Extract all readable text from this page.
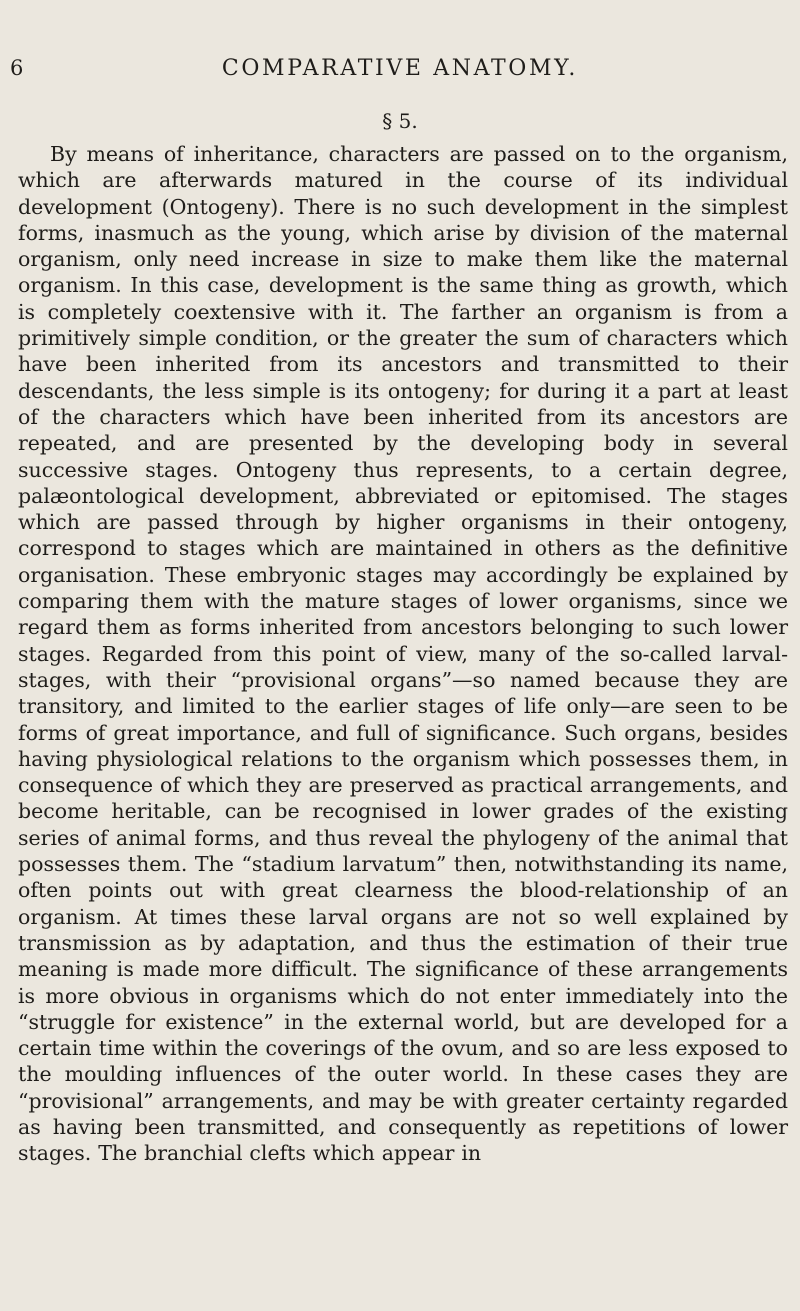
6	COMPARATIVE ANATOMY.
§ 5.

By means of inheritance, characters are passed on to the organism, which are afterwards matured in the course of its individual development (Ontogeny). There is no such development in the simplest forms, inasmuch as the young, which arise by division of the maternal organism, only need increase in size to make them like the maternal organism. In this case, development is the same thing as growth, which is completely coextensive with it. The farther an organism is from a primitively simple condition, or the greater the sum of characters which have been inherited from its ancestors and transmitted to their descendants, the less simple is its ontogeny; for during it a part at least of the characters which have been inherited from its ancestors are repeated, and are presented by the developing body in several successive stages. Ontogeny thus represents, to a certain degree, palæontological development, abbreviated or epitomised. The stages which are passed through by higher organisms in their ontogeny, correspond to stages which are maintained in others as the definitive organisation. These embryonic stages may accordingly be explained by comparing them with the mature stages of lower organisms, since we regard them as forms inherited from ancestors belonging to such lower stages. Regarded from this point of view, many of the so-called larval-stages, with their “provisional organs”—so named because they are transitory, and limited to the earlier stages of life only—are seen to be forms of great importance, and full of significance. Such organs, besides having physiological relations to the organism which possesses them, in consequence of which they are preserved as practical arrangements, and become heritable, can be recognised in lower grades of the existing series of animal forms, and thus reveal the phylogeny of the animal that possesses them. The “stadium larvatum” then, notwithstanding its name, often points out with great clearness the blood-relationship of an organism. At times these larval organs are not so well explained by transmission as by adaptation, and thus the estimation of their true meaning is made more difficult. The significance of these arrangements is more obvious in organisms which do not enter immediately into the “struggle for existence” in the external world, but are developed for a certain time within the coverings of the ovum, and so are less exposed to the moulding influences of the outer world. In these cases they are “provisional” arrangements, and may be with greater certainty regarded as having been transmitted, and consequently as repetitions of lower stages. The branchial clefts which appear in
